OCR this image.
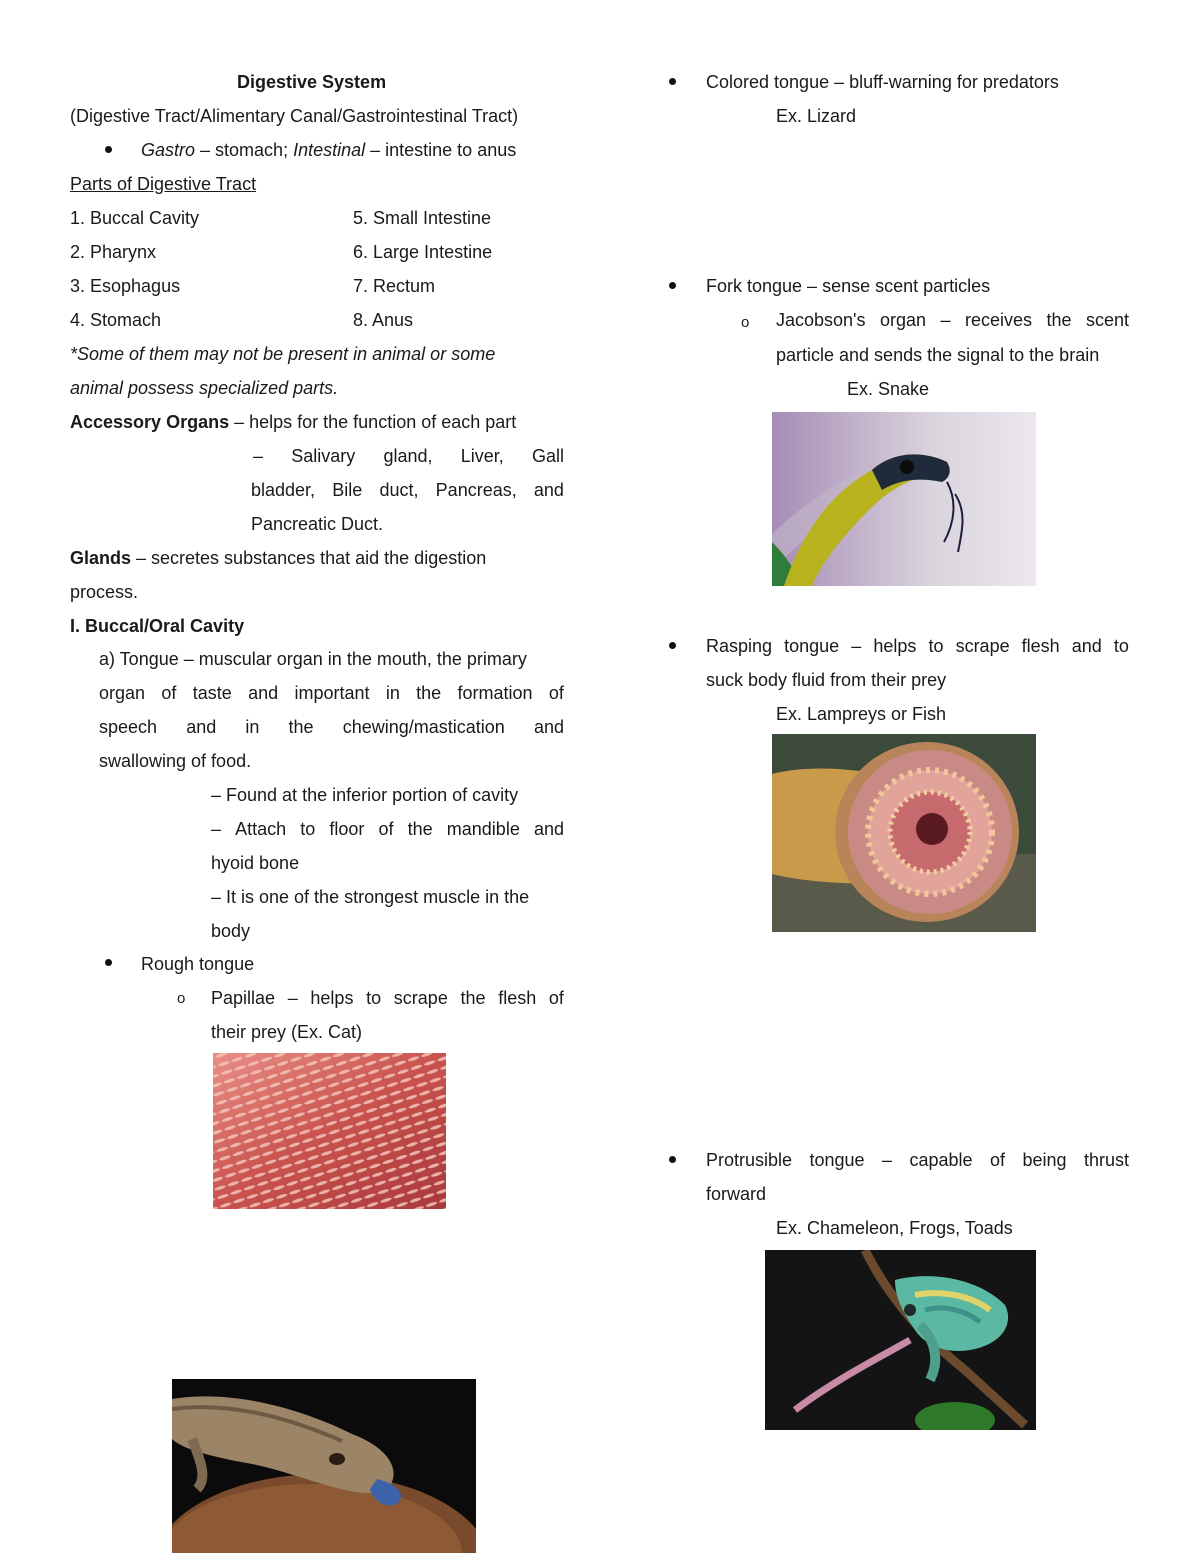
Digestive System
(Digestive Tract/Alimentary Canal/Gastrointestinal Tract)
Gastro – stomach; Intestinal – intestine to anus
Parts of Digestive Tract
1. Buccal Cavity
2. Pharynx
3. Esophagus
4. Stomach
5. Small Intestine
6. Large Intestine
7. Rectum
8. Anus
*Some of them may not be present in animal or some
animal possess specialized parts.
Accessory Organs – helps for the function of each part
– Salivary gland, Liver, Gall
bladder, Bile duct, Pancreas, and
Pancreatic Duct.
Glands – secretes substances that aid the digestion
process.
I. Buccal/Oral Cavity
a) Tongue – muscular organ in the mouth, the primary
organ of taste and important in the formation of
speech and in the chewing/mastication and
swallowing of food.
– Found at the inferior portion of cavity
– Attach to floor of the mandible and
hyoid bone
– It is one of the strongest muscle in the
body
Rough tongue
o Papillae – helps to scrape the flesh of
their prey (Ex. Cat)
Colored tongue – bluff-warning for predators
Ex. Lizard
Fork tongue – sense scent particles
o Jacobson's organ – receives the scent
particle and sends the signal to the brain
Ex. Snake
Rasping tongue – helps to scrape flesh and to
suck body fluid from their prey
Ex. Lampreys or Fish
Protrusible tongue – capable of being thrust
forward
Ex. Chameleon, Frogs, Toads
